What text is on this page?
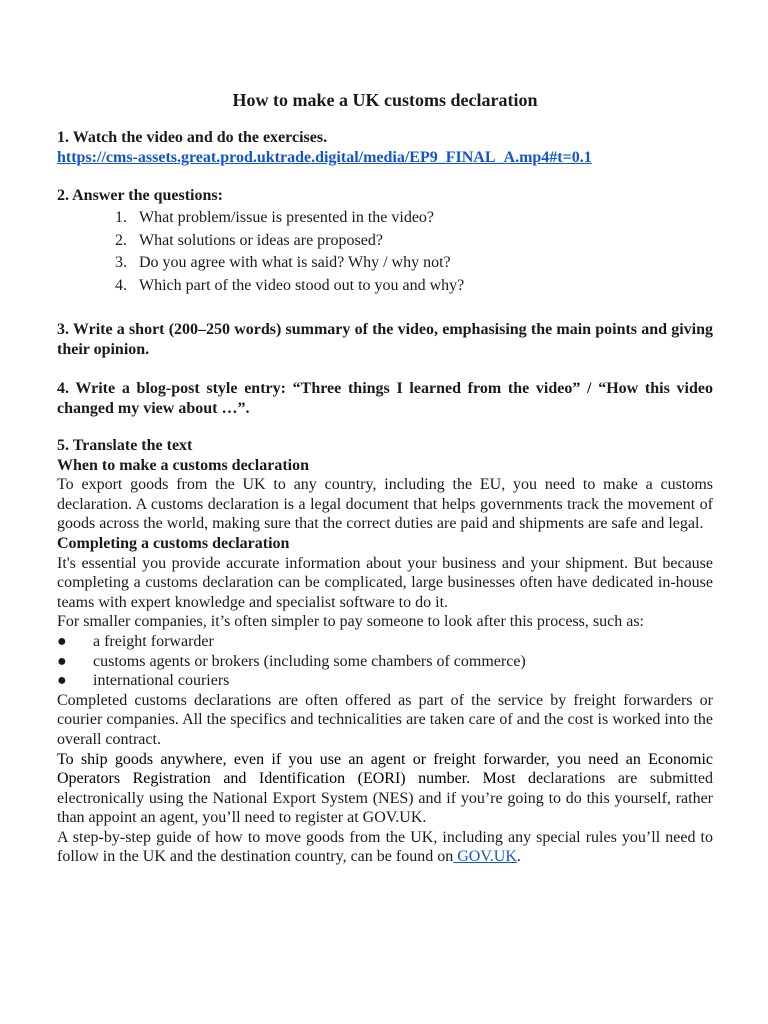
How to make a UK customs declaration

1. Watch the video and do the exercises.

https://cms-assets.great.prod.uktrade.digital/media/EP9_FINAL_A.mp4#t=0.1

2. Answer the questions:

1. What problem/issue is presented in the video?
2. What solutions or ideas are proposed?
3. Do you agree with what is said? Why / why not?
4. Which part of the video stood out to you and why?

3. Write a short (200–250 words) summary of the video, emphasising the main points and giving their opinion.

4. Write a blog-post style entry: “Three things I learned from the video” / “How this video changed my view about …”.

5. Translate the text

When to make a customs declaration

To export goods from the UK to any country, including the EU, you need to make a customs declaration. A customs declaration is a legal document that helps governments track the movement of goods across the world, making sure that the correct duties are paid and shipments are safe and legal.

Completing a customs declaration

It's essential you provide accurate information about your business and your shipment. But because completing a customs declaration can be complicated, large businesses often have dedicated in-house teams with expert knowledge and specialist software to do it.

For smaller companies, it’s often simpler to pay someone to look after this process, such as:

● a freight forwarder
● customs agents or brokers (including some chambers of commerce)
● international couriers

Completed customs declarations are often offered as part of the service by freight forwarders or courier companies. All the specifics and technicalities are taken care of and the cost is worked into the overall contract.

To ship goods anywhere, even if you use an agent or freight forwarder, you need an Economic Operators Registration and Identification (EORI) number. Most declarations are submitted electronically using the National Export System (NES) and if you’re going to do this yourself, rather than appoint an agent, you’ll need to register at GOV.UK.

A step-by-step guide of how to move goods from the UK, including any special rules you’ll need to follow in the UK and the destination country, can be found on GOV.UK.
